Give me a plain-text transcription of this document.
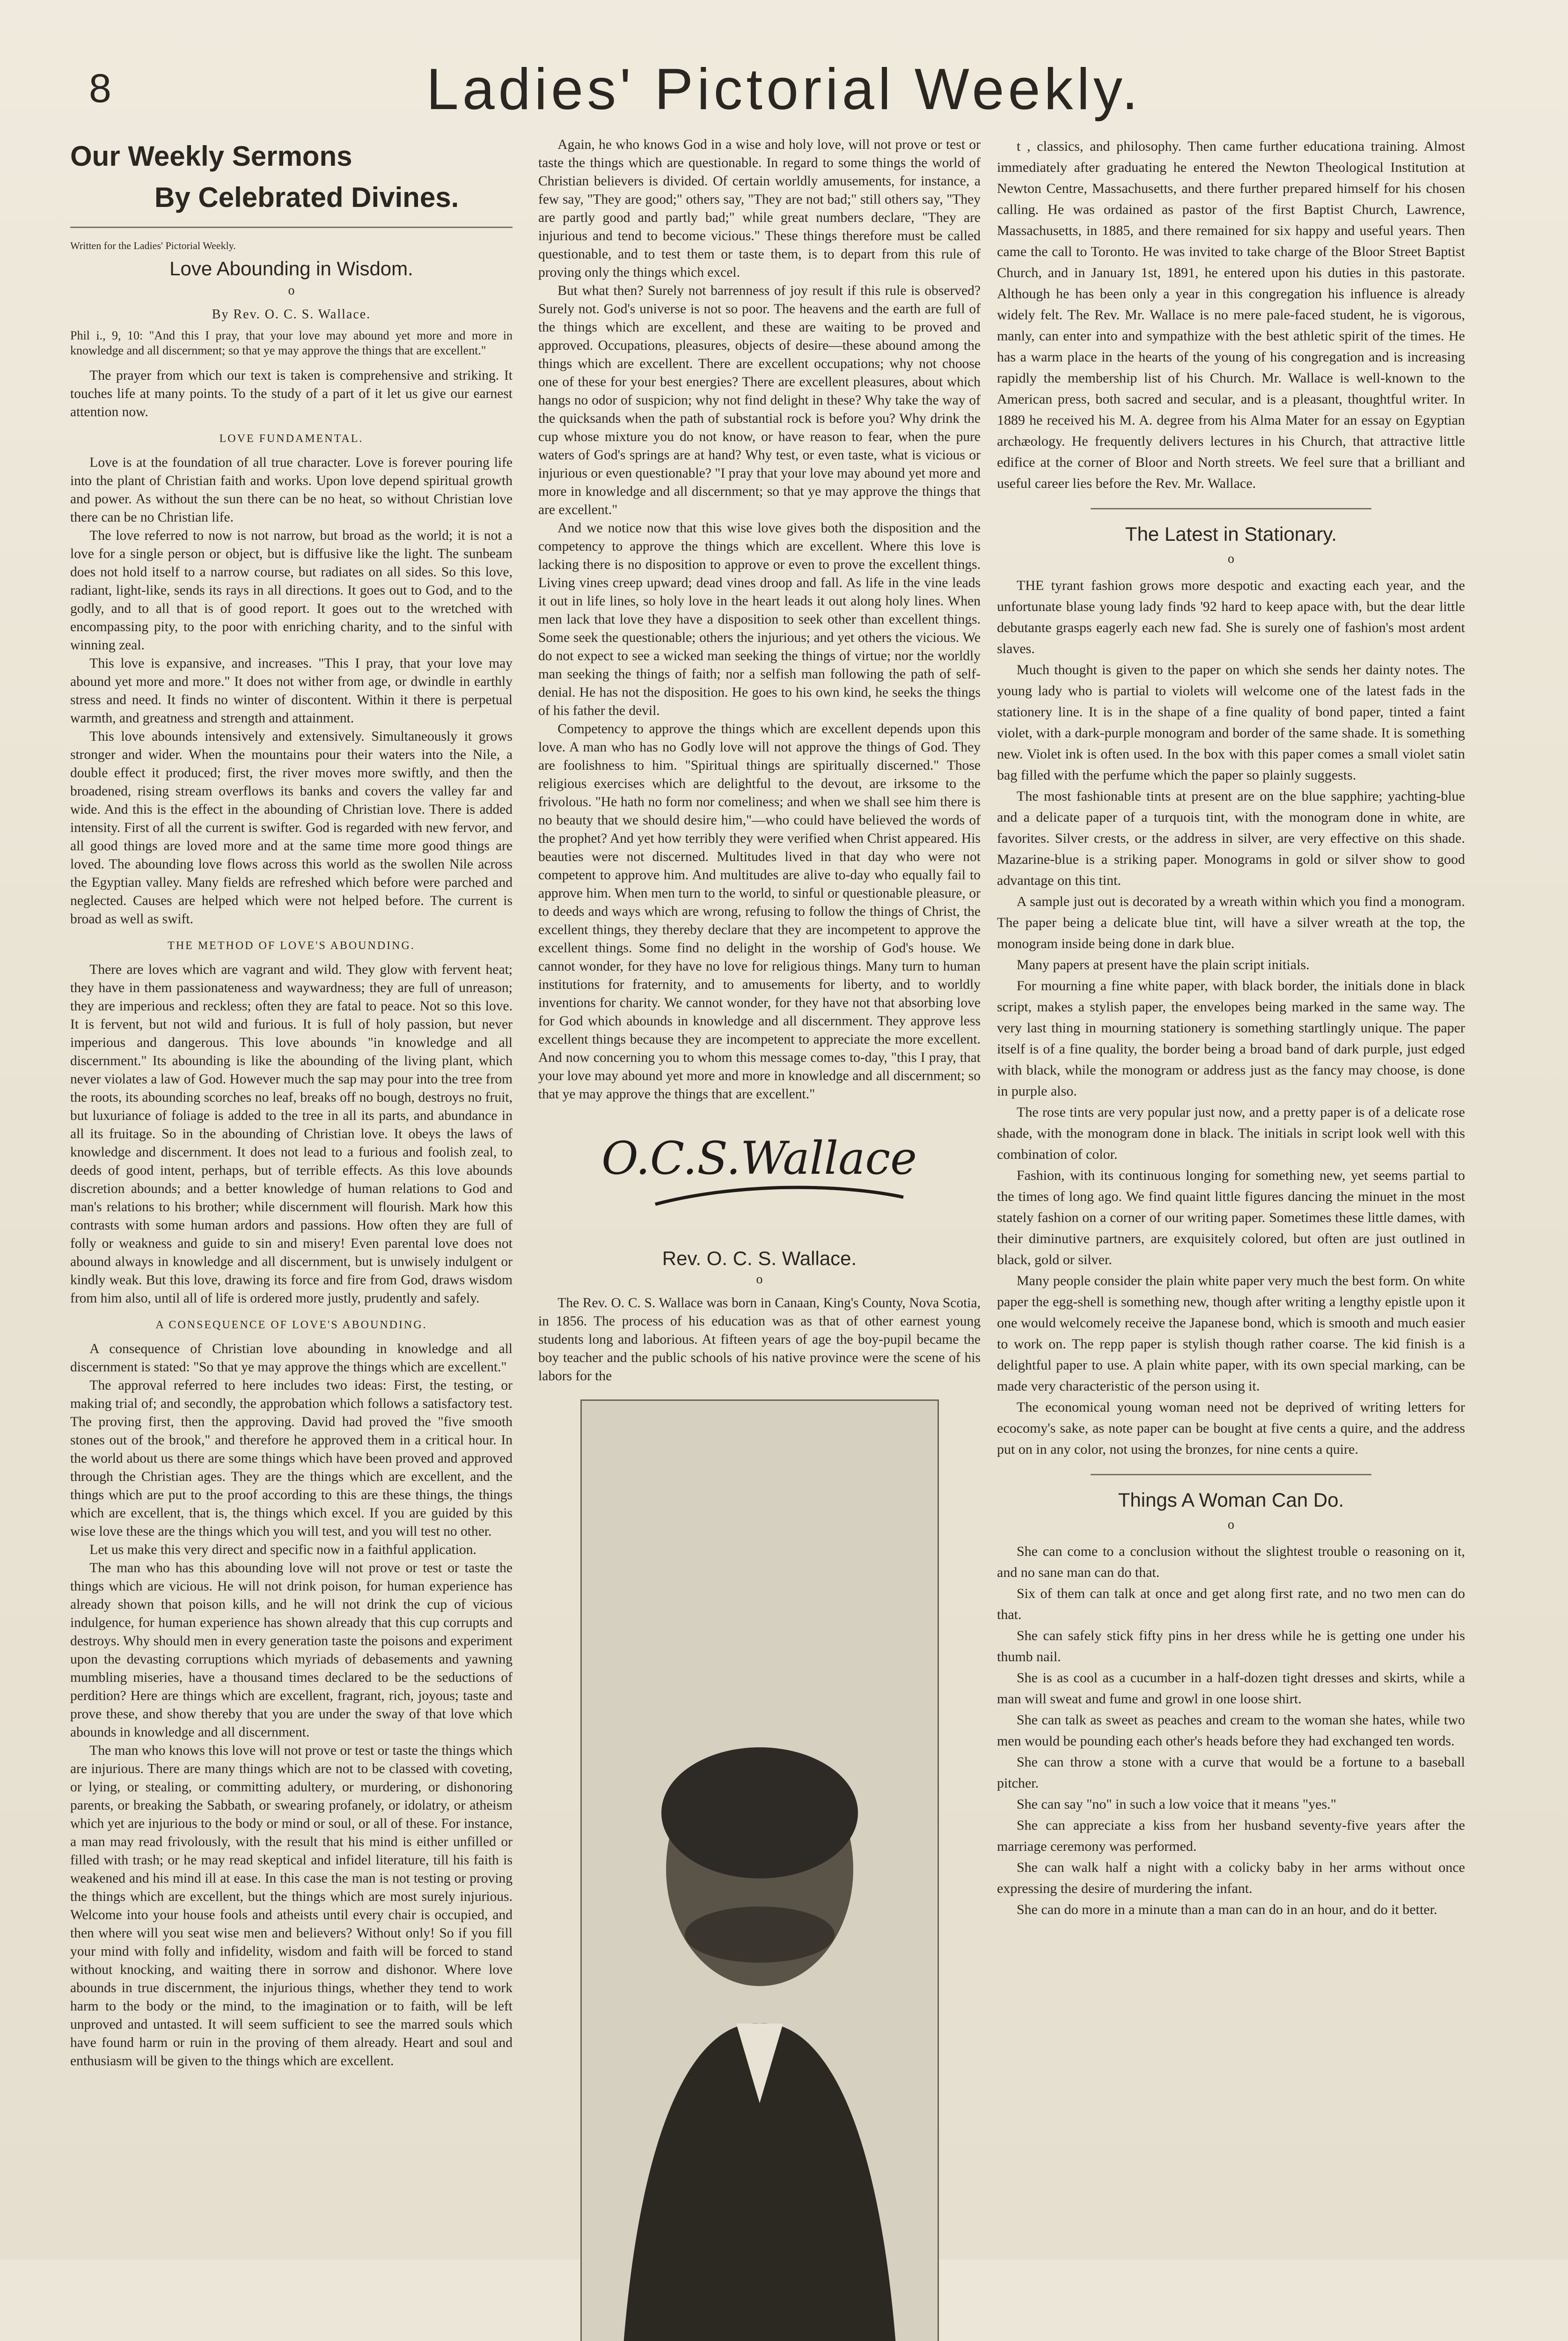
8	Ladies' Pictorial Weekly.
Our Weekly Sermons
By Celebrated Divines.
Written for the Ladies' Pictorial Weekly.
Love Abounding in Wisdom.
o
By Rev. O. C. S. Wallace.
Phil i., 9, 10: "And this I pray, that your love may abound yet more and more in knowledge and all discernment; so that ye may approve the things that are excellent."

The prayer from which our text is taken is comprehensive and striking. It touches life at many points. To the study of a part of it let us give our earnest attention now.

LOVE FUNDAMENTAL.

Love is at the foundation of all true character. Love is forever pouring life into the plant of Christian faith and works. Upon love depend spiritual growth and power. As without the sun there can be no heat, so without Christian love there can be no Christian life.

The love referred to now is not narrow, but broad as the world; it is not a love for a single person or object, but is diffusive like the light. The sunbeam does not hold itself to a narrow course, but radiates on all sides. So this love, radiant, light-like, sends its rays in all directions. It goes out to God, and to the godly, and to all that is of good report. It goes out to the wretched with encompassing pity, to the poor with enriching charity, and to the sinful with winning zeal.

This love is expansive, and increases. "This I pray, that your love may abound yet more and more." It does not wither from age, or dwindle in earthly stress and need. It finds no winter of discontent. Within it there is perpetual warmth, and greatness and strength and attainment.

This love abounds intensively and extensively. Simultaneously it grows stronger and wider. When the mountains pour their waters into the Nile, a double effect it produced; first, the river moves more swiftly, and then the broadened, rising stream overflows its banks and covers the valley far and wide. And this is the effect in the abounding of Christian love. There is added intensity. First of all the current is swifter. God is regarded with new fervor, and all good things are loved more and at the same time more good things are loved. The abounding love flows across this world as the swollen Nile across the Egyptian valley. Many fields are refreshed which before were parched and neglected. Causes are helped which were not helped before. The current is broad as well as swift.

THE METHOD OF LOVE'S ABOUNDING.

There are loves which are vagrant and wild. They glow with fervent heat; they have in them passionateness and waywardness; they are full of unreason; they are imperious and reckless; often they are fatal to peace. Not so this love. It is fervent, but not wild and furious. It is full of holy passion, but never imperious and dangerous. This love abounds "in knowledge and all discernment." Its abounding is like the abounding of the living plant, which never violates a law of God. However much the sap may pour into the tree from the roots, its abounding scorches no leaf, breaks off no bough, destroys no fruit, but luxuriance of foliage is added to the tree in all its parts, and abundance in all its fruitage. So in the abounding of Christian love. It obeys the laws of knowledge and discernment. It does not lead to a furious and foolish zeal, to deeds of good intent, perhaps, but of terrible effects. As this love abounds discretion abounds; and a better knowledge of human relations to God and man's relations to his brother; while discernment will flourish. Mark how this contrasts with some human ardors and passions. How often they are full of folly or weakness and guide to sin and misery! Even parental love does not abound always in knowledge and all discernment, but is unwisely indulgent or kindly weak. But this love, drawing its force and fire from God, draws wisdom from him also, until all of life is ordered more justly, prudently and safely.

A CONSEQUENCE OF LOVE'S ABOUNDING.

A consequence of Christian love abounding in knowledge and all discernment is stated: "So that ye may approve the things which are excellent."

The approval referred to here includes two ideas: First, the testing, or making trial of; and secondly, the approbation which follows a satisfactory test. The proving first, then the approving. David had proved the "five smooth stones out of the brook," and therefore he approved them in a critical hour. In the world about us there are some things which have been proved and approved through the Christian ages. They are the things which are excellent, and the things which are put to the proof according to this are these things, the things which are excellent, that is, the things which excel. If you are guided by this wise love these are the things which you will test, and you will test no other.

Let us make this very direct and specific now in a faithful application.

The man who has this abounding love will not prove or test or taste the things which are vicious. He will not drink poison, for human experience has already shown that poison kills, and he will not drink the cup of vicious indulgence, for human experience has shown already that this cup corrupts and destroys. Why should men in every generation taste the poisons and experiment upon the devasting corruptions which myriads of debasements and yawning mumbling miseries, have a thousand times declared to be the seductions of perdition? Here are things which are excellent, fragrant, rich, joyous; taste and prove these, and show thereby that you are under the sway of that love which abounds in knowledge and all discernment.

The man who knows this love will not prove or test or taste the things which are injurious. There are many things which are not to be classed with coveting, or lying, or stealing, or committing adultery, or murdering, or dishonoring parents, or breaking the Sabbath, or swearing profanely, or idolatry, or atheism which yet are injurious to the body or mind or soul, or all of these. For instance, a man may read frivolously, with the result that his mind is either unfilled or filled with trash; or he may read skeptical and infidel literature, till his faith is weakened and his mind ill at ease. In this case the man is not testing or proving the things which are excellent, but the things which are most surely injurious. Welcome into your house fools and atheists until every chair is occupied, and then where will you seat wise men and believers? Without only! So if you fill your mind with folly and infidelity, wisdom and faith will be forced to stand without knocking, and waiting there in sorrow and dishonor. Where love abounds in true discernment, the injurious things, whether they tend to work harm to the body or the mind, to the imagination or to faith, will be left unproved and untasted. It will seem sufficient to see the marred souls which have found harm or ruin in the proving of them already. Heart and soul and enthusiasm will be given to the things which are excellent.

Again, he who knows God in a wise and holy love, will not prove or test or taste the things which are questionable. In regard to some things the world of Christian believers is divided. Of certain worldly amusements, for instance, a few say, "They are good;" others say, "They are not bad;" still others say, "They are partly good and partly bad;" while great numbers declare, "They are injurious and tend to become vicious." These things therefore must be called questionable, and to test them or taste them, is to depart from this rule of proving only the things which excel.

But what then? Surely not barrenness of joy result if this rule is observed? Surely not. God's universe is not so poor. The heavens and the earth are full of the things which are excellent, and these are waiting to be proved and approved. Occupations, pleasures, objects of desire—these abound among the things which are excellent. There are excellent occupations; why not choose one of these for your best energies? There are excellent pleasures, about which hangs no odor of suspicion; why not find delight in these? Why take the way of the quicksands when the path of substantial rock is before you? Why drink the cup whose mixture you do not know, or have reason to fear, when the pure waters of God's springs are at hand? Why test, or even taste, what is vicious or injurious or even questionable? "I pray that your love may abound yet more and more in knowledge and all discernment; so that ye may approve the things that are excellent."

And we notice now that this wise love gives both the disposition and the competency to approve the things which are excellent. Where this love is lacking there is no disposition to approve or even to prove the excellent things. Living vines creep upward; dead vines droop and fall. As life in the vine leads it out in life lines, so holy love in the heart leads it out along holy lines. When men lack that love they have a disposition to seek other than excellent things. Some seek the questionable; others the injurious; and yet others the vicious. We do not expect to see a wicked man seeking the things of virtue; nor the worldly man seeking the things of faith; nor a selfish man following the path of self-denial. He has not the disposition. He goes to his own kind, he seeks the things of his father the devil.

Competency to approve the things which are excellent depends upon this love. A man who has no Godly love will not approve the things of God. They are foolishness to him. "Spiritual things are spiritually discerned." Those religious exercises which are delightful to the devout, are irksome to the frivolous. "He hath no form nor comeliness; and when we shall see him there is no beauty that we should desire him,"—who could have believed the words of the prophet? And yet how terribly they were verified when Christ appeared. His beauties were not discerned. Multitudes lived in that day who were not competent to approve him. And multitudes are alive to-day who equally fail to approve him. When men turn to the world, to sinful or questionable pleasure, or to deeds and ways which are wrong, refusing to follow the things of Christ, the excellent things, they thereby declare that they are incompetent to approve the excellent things. Some find no delight in the worship of God's house. We cannot wonder, for they have no love for religious things. Many turn to human institutions for fraternity, and to amusements for liberty, and to worldly inventions for charity. We cannot wonder, for they have not that absorbing love for God which abounds in knowledge and all discernment. They approve less excellent things because they are incompetent to appreciate the more excellent. And now concerning you to whom this message comes to-day, "this I pray, that your love may abound yet more and more in knowledge and all discernment; so that ye may approve the things that are excellent."

O.C.S.Wallace
Rev. O. C. S. Wallace.
o

The Rev. O. C. S. Wallace was born in Canaan, King's County, Nova Scotia, in 1856. The process of his education was as that of other earnest young students long and laborious. At fifteen years of age the boy-pupil became the boy teacher and the public schools of his native province were the scene of his labors for the

t , classics, and philosophy. Then came further educationa training. Almost immediately after graduating he entered the Newton Theological Institution at Newton Centre, Massachusetts, and there further prepared himself for his chosen calling. He was ordained as pastor of the first Baptist Church, Lawrence, Massachusetts, in 1885, and there remained for six happy and useful years. Then came the call to Toronto. He was invited to take charge of the Bloor Street Baptist Church, and in January 1st, 1891, he entered upon his duties in this pastorate. Although he has been only a year in this congregation his influence is already widely felt. The Rev. Mr. Wallace is no mere pale-faced student, he is vigorous, manly, can enter into and sympathize with the best athletic spirit of the times. He has a warm place in the hearts of the young of his congregation and is increasing rapidly the membership list of his Church. Mr. Wallace is well-known to the American press, both sacred and secular, and is a pleasant, thoughtful writer. In 1889 he received his M. A. degree from his Alma Mater for an essay on Egyptian archæology. He frequently delivers lectures in his Church, that attractive little edifice at the corner of Bloor and North streets. We feel sure that a brilliant and useful career lies before the Rev. Mr. Wallace.

The Latest in Stationary.
o

THE tyrant fashion grows more despotic and exacting each year, and the unfortunate blase young lady finds '92 hard to keep apace with, but the dear little debutante grasps eagerly each new fad. She is surely one of fashion's most ardent slaves.

Much thought is given to the paper on which she sends her dainty notes. The young lady who is partial to violets will welcome one of the latest fads in the stationery line. It is in the shape of a fine quality of bond paper, tinted a faint violet, with a dark-purple monogram and border of the same shade. It is something new. Violet ink is often used. In the box with this paper comes a small violet satin bag filled with the perfume which the paper so plainly suggests.

The most fashionable tints at present are on the blue sapphire; yachting-blue and a delicate paper of a turquois tint, with the monogram done in white, are favorites. Silver crests, or the address in silver, are very effective on this shade. Mazarine-blue is a striking paper. Monograms in gold or silver show to good advantage on this tint.

A sample just out is decorated by a wreath within which you find a monogram. The paper being a delicate blue tint, will have a silver wreath at the top, the monogram inside being done in dark blue.

Many papers at present have the plain script initials.

For mourning a fine white paper, with black border, the initials done in black script, makes a stylish paper, the envelopes being marked in the same way. The very last thing in mourning stationery is something startlingly unique. The paper itself is of a fine quality, the border being a broad band of dark purple, just edged with black, while the monogram or address just as the fancy may choose, is done in purple also.

The rose tints are very popular just now, and a pretty paper is of a delicate rose shade, with the monogram done in black. The initials in script look well with this combination of color.

Fashion, with its continuous longing for something new, yet seems partial to the times of long ago. We find quaint little figures dancing the minuet in the most stately fashion on a corner of our writing paper. Sometimes these little dames, with their diminutive partners, are exquisitely colored, but often are just outlined in black, gold or silver.

Many people consider the plain white paper very much the best form. On white paper the egg-shell is something new, though after writing a lengthy epistle upon it one would welcomely receive the Japanese bond, which is smooth and much easier to work on. The repp paper is stylish though rather coarse. The kid finish is a delightful paper to use. A plain white paper, with its own special marking, can be made very characteristic of the person using it.

The economical young woman need not be deprived of writing letters for ecocomy's sake, as note paper can be bought at five cents a quire, and the address put on in any color, not using the bronzes, for nine cents a quire.

Things A Woman Can Do.
o

She can come to a conclusion without the slightest trouble o reasoning on it, and no sane man can do that.

Six of them can talk at once and get along first rate, and no two men can do that.

She can safely stick fifty pins in her dress while he is getting one under his thumb nail.

She is as cool as a cucumber in a half-dozen tight dresses and skirts, while a man will sweat and fume and growl in one loose shirt.

She can talk as sweet as peaches and cream to the woman she hates, while two men would be pounding each other's heads before they had exchanged ten words.

She can throw a stone with a curve that would be a fortune to a baseball pitcher.

She can say "no" in such a low voice that it means "yes."

She can appreciate a kiss from her husband seventy-five years after the marriage ceremony was performed.

She can walk half a night with a colicky baby in her arms without once expressing the desire of murdering the infant.

She can do more in a minute than a man can do in an hour, and do it better.
